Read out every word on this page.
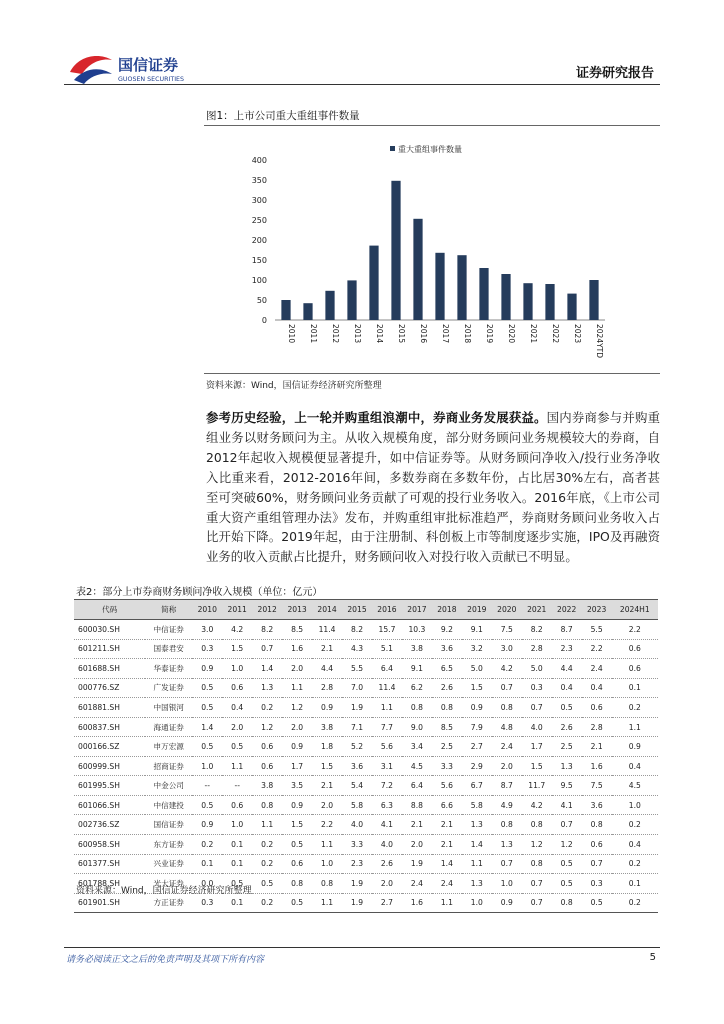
国信证券
GUOSEN SECURITIES	证券研究报告
图1：上市公司重大重组事件数量
0
50
100
150
200
250
300
350
400
2010 2011 2012 2013 2014 2015 2016 2017 2018 2019 2020 2021 2022 2023 2024YTD
重大重组事件数量
资料来源：Wind，国信证券经济研究所整理
参考历史经验，上一轮并购重组浪潮中，券商业务发展获益。国内券商参与并购重组业务以财务顾问为主。从收入规模角度，部分财务顾问业务规模较大的券商，自2012年起收入规模便显著提升，如中信证券等。从财务顾问净收入/投行业务净收入比重来看，2012-2016年间，多数券商在多数年份，占比居30%左右，高者甚至可突破60%，财务顾问业务贡献了可观的投行业务收入。2016年底，《上市公司重大资产重组管理办法》发布，并购重组审批标准趋严，券商财务顾问业务收入占比开始下降。2019年起，由于注册制、科创板上市等制度逐步实施，IPO及再融资业务的收入贡献占比提升，财务顾问收入对投行收入贡献已不明显。
表2：部分上市券商财务顾问净收入规模（单位：亿元）
代码	简称	2010	2011	2012	2013	2014	2015	2016	2017	2018	2019	2020	2021	2022	2023	2024H1
600030.SH	中信证券	3.0	4.2	8.2	8.5	11.4	8.2	15.7	10.3	9.2	9.1	7.5	8.2	8.7	5.5	2.2
601211.SH	国泰君安	0.3	1.5	0.7	1.6	2.1	4.3	5.1	3.8	3.6	3.2	3.0	2.8	2.3	2.2	0.6
601688.SH	华泰证券	0.9	1.0	1.4	2.0	4.4	5.5	6.4	9.1	6.5	5.0	4.2	5.0	4.4	2.4	0.6
000776.SZ	广发证券	0.5	0.6	1.3	1.1	2.8	7.0	11.4	6.2	2.6	1.5	0.7	0.3	0.4	0.4	0.1
601881.SH	中国银河	0.5	0.4	0.2	1.2	0.9	1.9	1.1	0.8	0.8	0.9	0.8	0.7	0.5	0.6	0.2
600837.SH	海通证券	1.4	2.0	1.2	2.0	3.8	7.1	7.7	9.0	8.5	7.9	4.8	4.0	2.6	2.8	1.1
000166.SZ	申万宏源	0.5	0.5	0.6	0.9	1.8	5.2	5.6	3.4	2.5	2.7	2.4	1.7	2.5	2.1	0.9
600999.SH	招商证券	1.0	1.1	0.6	1.7	1.5	3.6	3.1	4.5	3.3	2.9	2.0	1.5	1.3	1.6	0.4
601995.SH	中金公司	--	--	3.8	3.5	2.1	5.4	7.2	6.4	5.6	6.7	8.7	11.7	9.5	7.5	4.5
601066.SH	中信建投	0.5	0.6	0.8	0.9	2.0	5.8	6.3	8.8	6.6	5.8	4.9	4.2	4.1	3.6	1.0
002736.SZ	国信证券	0.9	1.0	1.1	1.5	2.2	4.0	4.1	2.1	2.1	1.3	0.8	0.8	0.7	0.8	0.2
600958.SH	东方证券	0.2	0.1	0.2	0.5	1.1	3.3	4.0	2.0	2.1	1.4	1.3	1.2	1.2	0.6	0.4
601377.SH	兴业证券	0.1	0.1	0.2	0.6	1.0	2.3	2.6	1.9	1.4	1.1	0.7	0.8	0.5	0.7	0.2
601788.SH	光大证券	0.0	0.5	0.5	0.8	0.8	1.9	2.0	2.4	2.4	1.3	1.0	0.7	0.5	0.3	0.1
601901.SH	方正证券	0.3	0.1	0.2	0.5	1.1	1.9	2.7	1.6	1.1	1.0	0.9	0.7	0.8	0.5	0.2
资料来源：Wind，国信证券经济研究所整理
请务必阅读正文之后的免责声明及其项下所有内容	5
